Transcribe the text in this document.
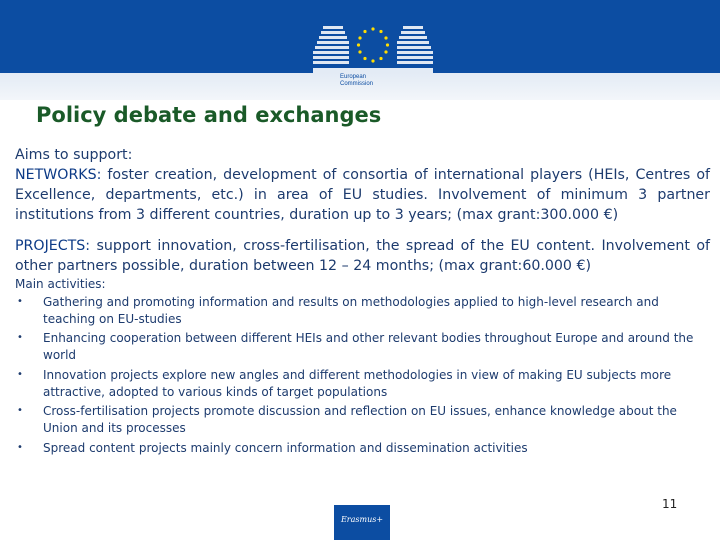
European
Commission
Policy debate and exchanges

Aims to support:
NETWORKS: foster creation, development of consortia of international players (HEIs, Centres of Excellence, departments, etc.) in area of EU studies. Involvement of minimum 3 partner institutions from 3 different countries, duration up to 3 years; (max grant:300.000 €)

PROJECTS: support innovation, cross-fertilisation, the spread of the EU content. Involvement of other partners possible, duration between 12 – 24 months; (max grant:60.000 €)

Main activities:

• Gathering and promoting information and results on methodologies applied to high-level research and teaching on EU-studies
• Enhancing cooperation between different HEIs and other relevant bodies throughout Europe and around the world
• Innovation projects explore new angles and different methodologies in view of making EU subjects more attractive, adopted to various kinds of target populations
• Cross-fertilisation projects promote discussion and reflection on EU issues, enhance knowledge about the Union and its processes
• Spread content projects mainly concern information and dissemination activities
11
Erasmus+
